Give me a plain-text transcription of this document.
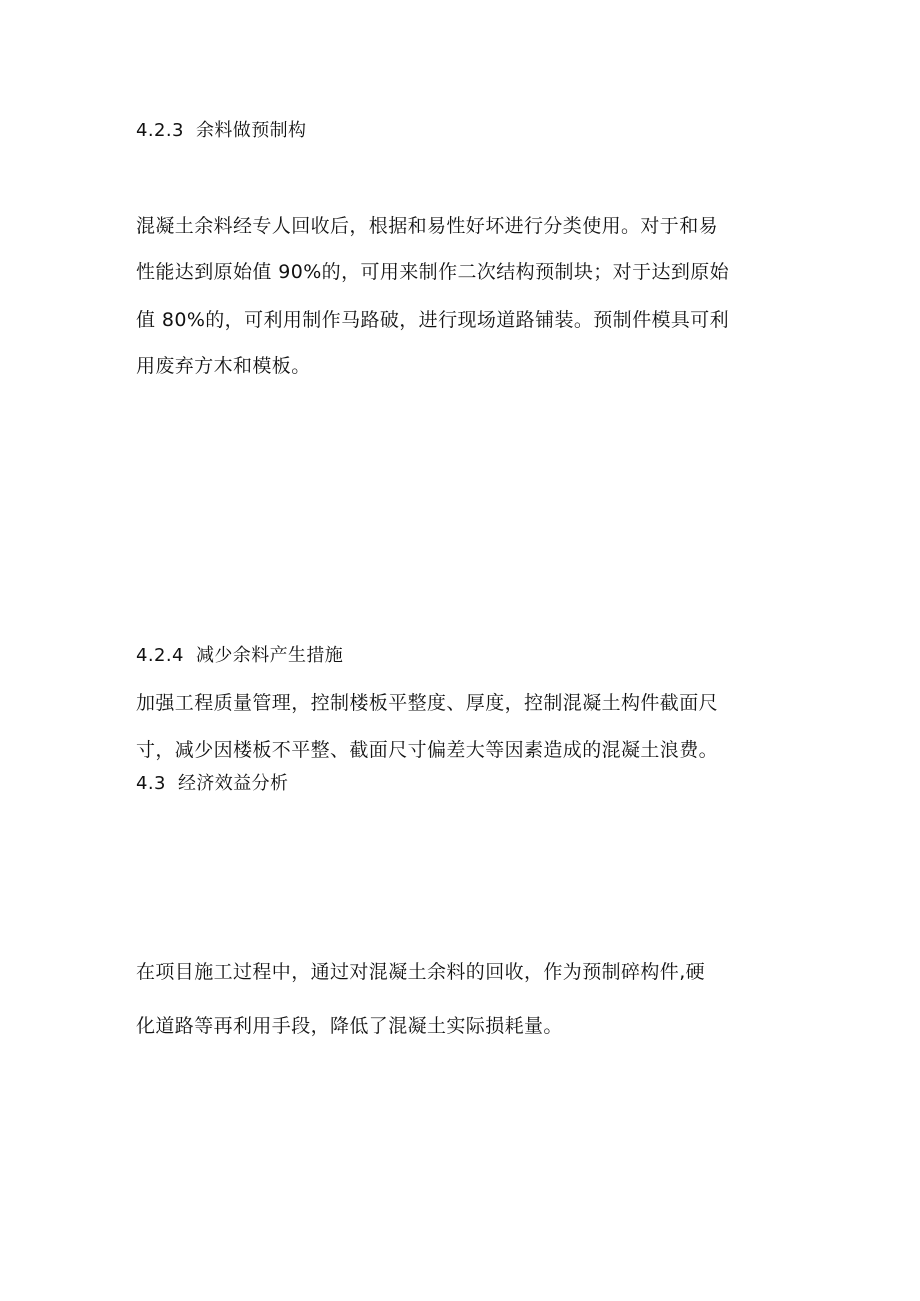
4.2.3 余料做预制构
混凝土余料经专人回收后，根据和易性好坏进行分类使用。对于和易
性能达到原始值 90%的，可用来制作二次结构预制块；对于达到原始
值 80%的，可利用制作马路破，进行现场道路铺装。预制件模具可利
用废弃方木和模板。
4.2.4 减少余料产生措施
加强工程质量管理，控制楼板平整度、厚度，控制混凝土构件截面尺
寸，减少因楼板不平整、截面尺寸偏差大等因素造成的混凝土浪费。
4.3 经济效益分析
在项目施工过程中，通过对混凝土余料的回收，作为预制碎构件,硬
化道路等再利用手段，降低了混凝土实际损耗量。
